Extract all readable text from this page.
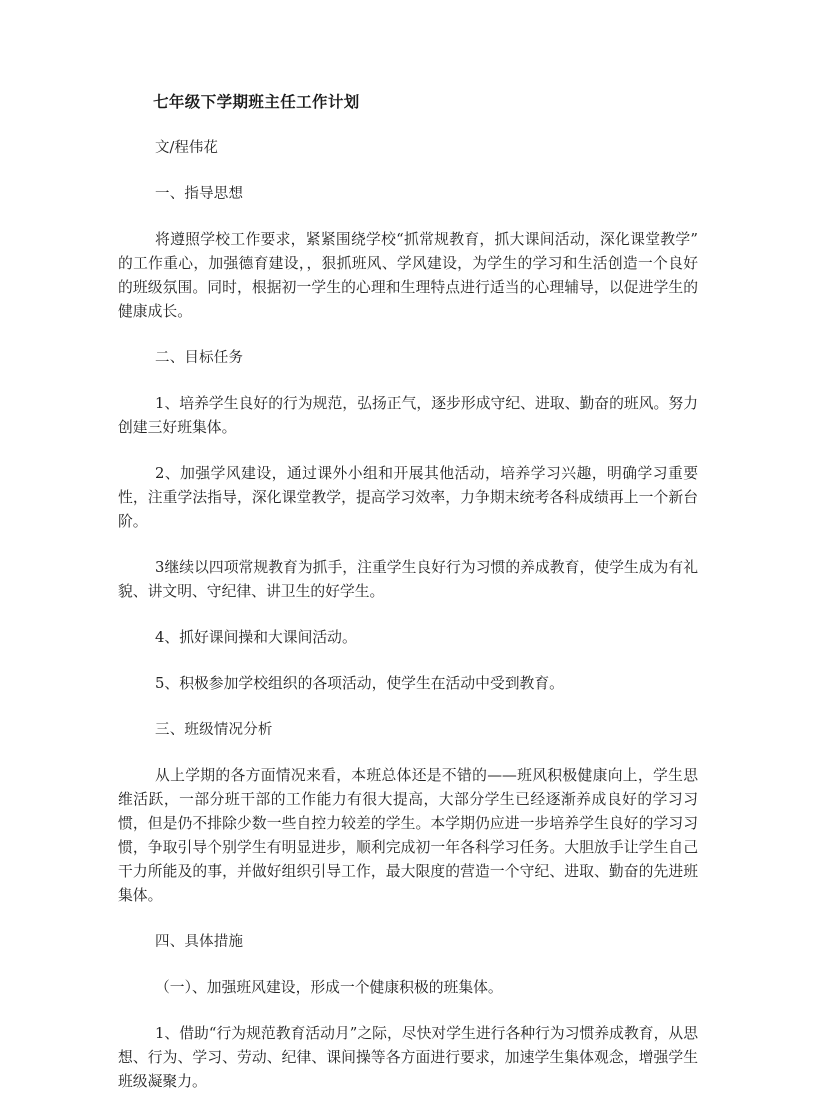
七年级下学期班主任工作计划

文/程伟花

一、指导思想

将遵照学校工作要求，紧紧围绕学校“抓常规教育，抓大课间活动，深化课堂教学”的工作重心，加强德育建设，，狠抓班风、学风建设，为学生的学习和生活创造一个良好的班级氛围。同时，根据初一学生的心理和生理特点进行适当的心理辅导，以促进学生的健康成长。

二、目标任务

1、培养学生良好的行为规范，弘扬正气，逐步形成守纪、进取、勤奋的班风。努力创建三好班集体。

2、加强学风建设，通过课外小组和开展其他活动，培养学习兴趣，明确学习重要性，注重学法指导，深化课堂教学，提高学习效率，力争期末统考各科成绩再上一个新台阶。

3继续以四项常规教育为抓手，注重学生良好行为习惯的养成教育，使学生成为有礼貌、讲文明、守纪律、讲卫生的好学生。

4、抓好课间操和大课间活动。

5、积极参加学校组织的各项活动，使学生在活动中受到教育。

三、班级情况分析

从上学期的各方面情况来看，本班总体还是不错的——班风积极健康向上，学生思维活跃，一部分班干部的工作能力有很大提高，大部分学生已经逐渐养成良好的学习习惯，但是仍不排除少数一些自控力较差的学生。本学期仍应进一步培养学生良好的学习习惯，争取引导个别学生有明显进步，顺利完成初一年各科学习任务。大胆放手让学生自己干力所能及的事，并做好组织引导工作，最大限度的营造一个守纪、进取、勤奋的先进班集体。

四、具体措施

（一）、加强班风建设，形成一个健康积极的班集体。

1、借助“行为规范教育活动月”之际，尽快对学生进行各种行为习惯养成教育，从思想、行为、学习、劳动、纪律、课间操等各方面进行要求，加速学生集体观念，增强学生班级凝聚力。
